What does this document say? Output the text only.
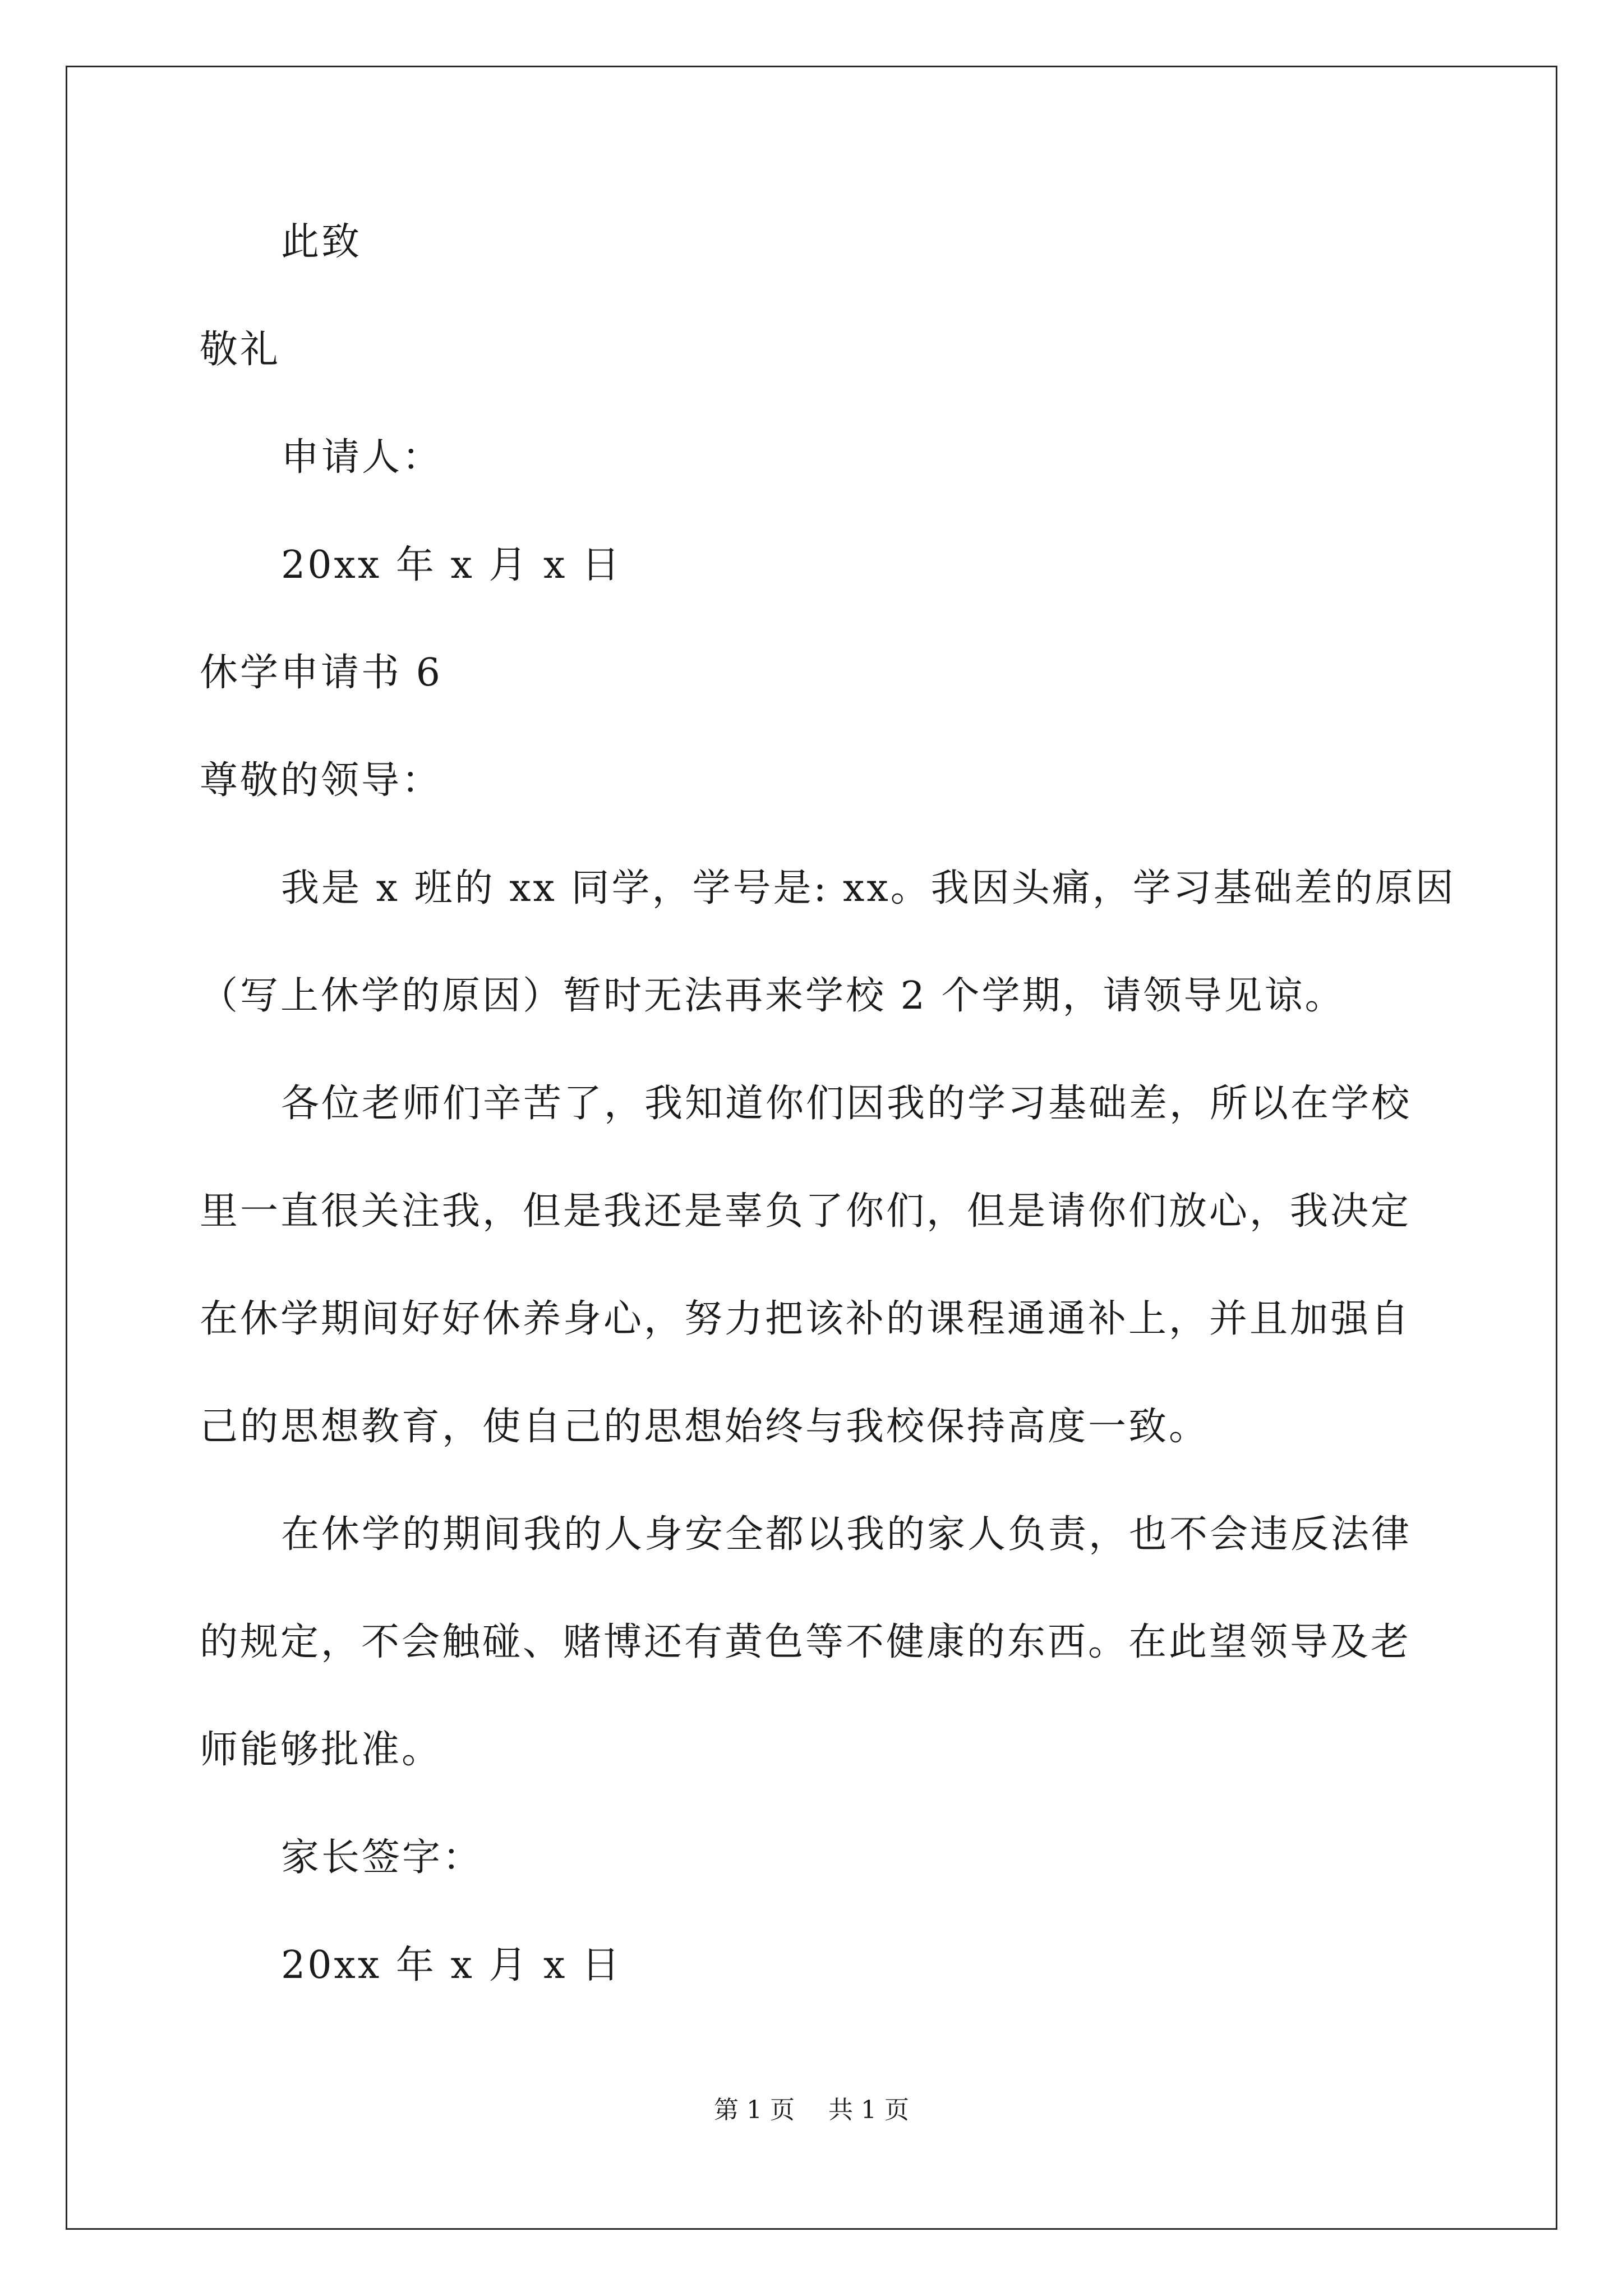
此致
敬礼
申请人：
20xx 年 x 月 x 日
休学申请书 6
尊敬的领导：
我是 x 班的 xx 同学，学号是: xx。我因头痛，学习基础差的原因
（写上休学的原因）暂时无法再来学校 2 个学期，请领导见谅。
各位老师们辛苦了，我知道你们因我的学习基础差，所以在学校
里一直很关注我，但是我还是辜负了你们，但是请你们放心，我决定
在休学期间好好休养身心，努力把该补的课程通通补上，并且加强自
己的思想教育，使自己的思想始终与我校保持高度一致。
在休学的期间我的人身安全都以我的家人负责，也不会违反法律
的规定，不会触碰、赌博还有黄色等不健康的东西。在此望领导及老
师能够批准。
家长签字：
20xx 年 x 月 x 日
第 1 页 共 1 页
